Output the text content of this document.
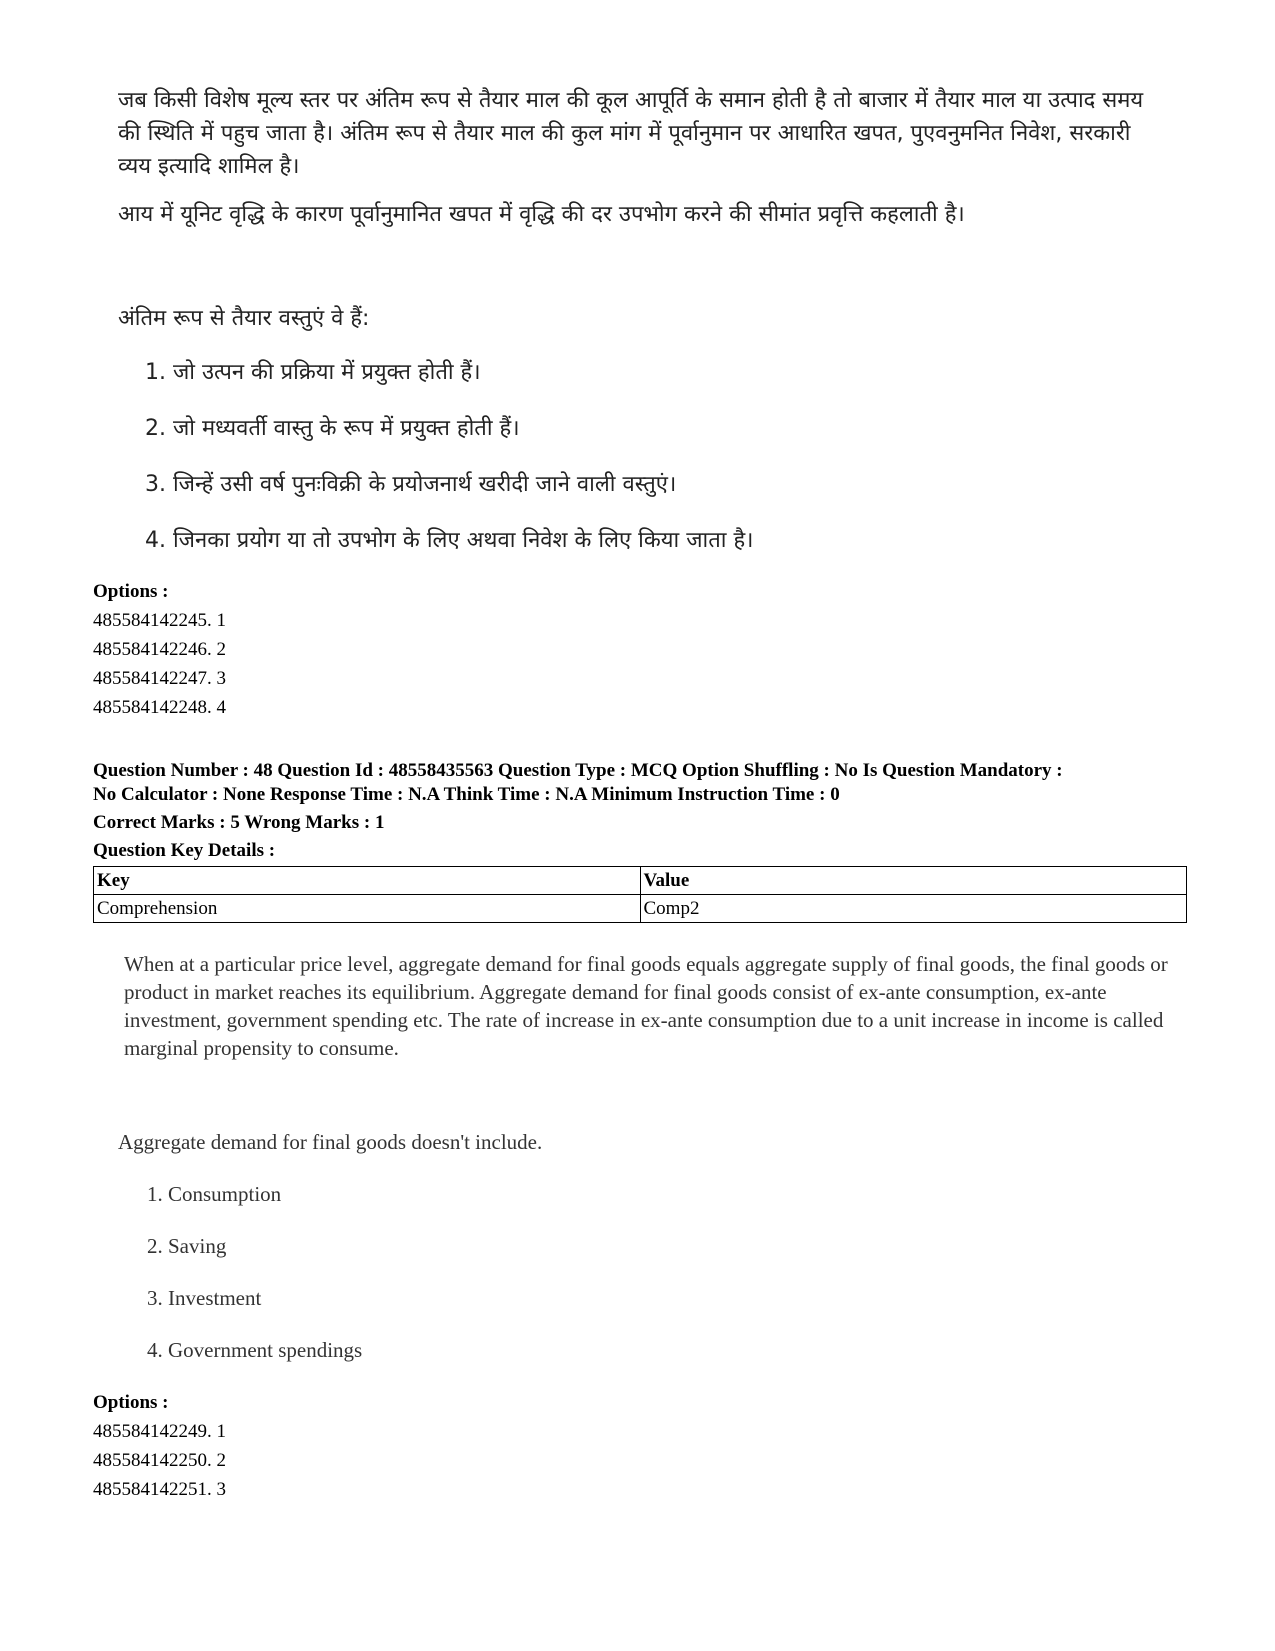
जब किसी विशेष मूल्य स्तर पर अंतिम रूप से तैयार माल की कूल आपूर्ति के समान होती है तो बाजार में तैयार माल या उत्पाद समय की स्थिति में पहुच जाता है। अंतिम रूप से तैयार माल की कुल मांग में पूर्वानुमान पर आधारित खपत, पुएवनुमनित निवेश, सरकारी व्यय इत्यादि शामिल है।

आय में यूनिट वृद्धि के कारण पूर्वानुमानित खपत में वृद्धि की दर उपभोग करने की सीमांत प्रवृत्ति कहलाती है।

अंतिम रूप से तैयार वस्तुएं वे हैं:

1. जो उत्पन की प्रक्रिया में प्रयुक्त होती हैं।

2. जो मध्यवर्ती वास्तु के रूप में प्रयुक्त होती हैं।

3. जिन्हें उसी वर्ष पुनःविक्री के प्रयोजनार्थ खरीदी जाने वाली वस्तुएं।

4. जिनका प्रयोग या तो उपभोग के लिए अथवा निवेश के लिए किया जाता है।

Options :

485584142245. 1

485584142246. 2

485584142247. 3

485584142248. 4

Question Number : 48 Question Id : 48558435563 Question Type : MCQ Option Shuffling : No Is Question Mandatory :

No Calculator : None Response Time : N.A Think Time : N.A Minimum Instruction Time : 0

Correct Marks : 5 Wrong Marks : 1

Question Key Details :

Key	Value
Comprehension	Comp2

When at a particular price level, aggregate demand for final goods equals aggregate supply of final goods, the final goods or product in market reaches its equilibrium. Aggregate demand for final goods consist of ex-ante consumption, ex-ante investment, government spending etc. The rate of increase in ex-ante consumption due to a unit increase in income is called marginal propensity to consume.

Aggregate demand for final goods doesn't include.

1. Consumption

2. Saving

3. Investment

4. Government spendings

Options :

485584142249. 1

485584142250. 2

485584142251. 3
